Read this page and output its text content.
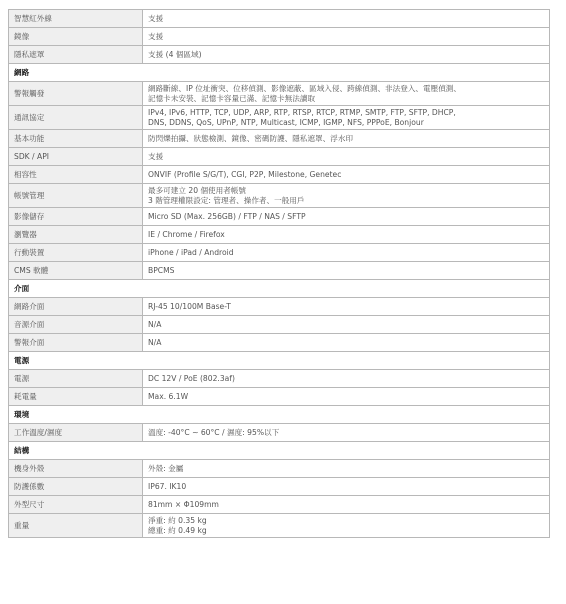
智慧紅外線	支援

鏡像	支援

隱私遮罩	支援 (4 個區域)

網路	
警報觸發	網路斷線、IP 位址衝突、位移偵測、影像遮蔽、區域入侵、跨線偵測、非法登入、電壓偵測、
記憶卡未安裝、記憶卡容量已滿、記憶卡無法讀取

通訊協定	IPv4, IPv6, HTTP, TCP, UDP, ARP, RTP, RTSP, RTCP, RTMP, SMTP, FTP, SFTP, DHCP,
DNS, DDNS, QoS, UPnP, NTP, Multicast, ICMP, IGMP, NFS, PPPoE, Bonjour

基本功能	防閃爍拍攝、狀態檢測、鏡像、密碼防護、隱私遮罩、浮水印

SDK / API	支援

相容性	ONVIF (Profile S/G/T), CGI, P2P, Milestone, Genetec

帳號管理	最多可建立 20 個使用者帳號
3 階管理權限設定: 管理者、操作者、一般用戶

影像儲存	Micro SD (Max. 256GB) / FTP / NAS / SFTP

瀏覽器	IE / Chrome / Firefox

行動裝置	iPhone / iPad / Android

CMS 軟體	BPCMS

介面	
網路介面	RJ-45 10/100M Base-T

音源介面	N/A

警報介面	N/A

電源	
電源	DC 12V / PoE (802.3af)

耗電量	Max. 6.1W

環境	
工作溫度/濕度	溫度: -40°C ~ 60°C / 濕度: 95%以下

結構	
機身外殼	外殼: 金屬

防護係數	IP67. IK10

外型尺寸	81mm × Φ109mm

重量	淨重: 約 0.35 kg
總重: 約 0.49 kg
